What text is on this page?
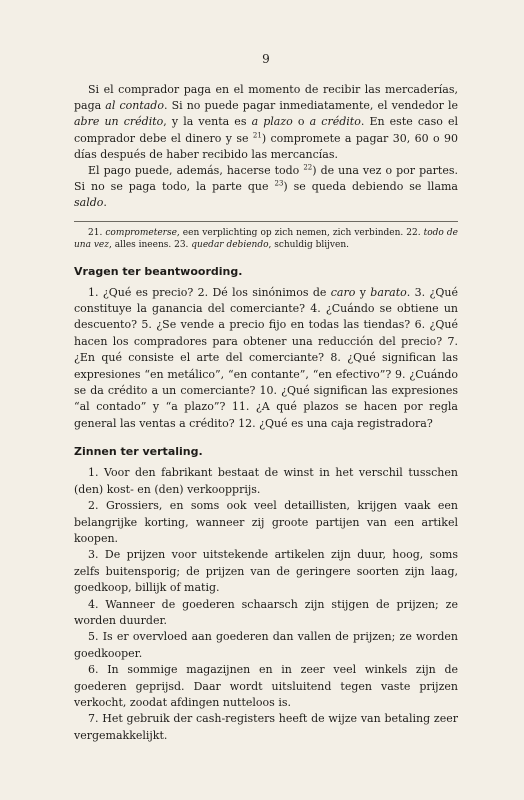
9

Si el comprador paga en el momento de recibir las mercaderías, paga al contado. Si no puede pagar inmediatamente, el vendedor le abre un crédito, y la venta es a plazo o a crédito. En este caso el comprador debe el dinero y se $^{21}$) compromete a pagar 30, 60 o 90 días después de haber recibido las mercancías.

El pago puede, además, hacerse todo $^{22}$) de una vez o por partes. Si no se paga todo, la parte que $^{23}$) se queda debiendo se llama saldo.

21. comprometerse, een verplichting op zich nemen, zich verbinden. 22. todo de una vez, alles ineens. 23. quedar debiendo, schuldig blijven.

Vragen ter beantwoording.

1. ¿Qué es precio? 2. Dé los sinónimos de caro y barato. 3. ¿Qué constituye la ganancia del comerciante? 4. ¿Cuándo se obtiene un descuento? 5. ¿Se vende a precio fijo en todas las tiendas? 6. ¿Qué hacen los compradores para obtener una reducción del precio? 7. ¿En qué consiste el arte del comerciante? 8. ¿Qué significan las expresiones “en metálico”, “en contante”, “en efectivo”? 9. ¿Cuándo se da crédito a un comerciante? 10. ¿Qué significan las expresiones “al contado” y “a plazo”? 11. ¿A qué plazos se hacen por regla general las ventas a crédito? 12. ¿Qué es una caja registradora?

Zinnen ter vertaling.

1. Voor den fabrikant bestaat de winst in het verschil tusschen (den) kost- en (den) verkoopprijs.

2. Grossiers, en soms ook veel detaillisten, krijgen vaak een belangrijke korting, wanneer zij groote partijen van een artikel koopen.

3. De prijzen voor uitstekende artikelen zijn duur, hoog, soms zelfs buitensporig; de prijzen van de geringere soorten zijn laag, goedkoop, billijk of matig.

4. Wanneer de goederen schaarsch zijn stijgen de prijzen; ze worden duurder.

5. Is er overvloed aan goederen dan vallen de prijzen; ze worden goedkooper.

6. In sommige magazijnen en in zeer veel winkels zijn de goederen geprijsd. Daar wordt uitsluitend tegen vaste prijzen verkocht, zoodat afdingen nutteloos is.

7. Het gebruik der cash-registers heeft de wijze van betaling zeer vergemakkelijkt.
